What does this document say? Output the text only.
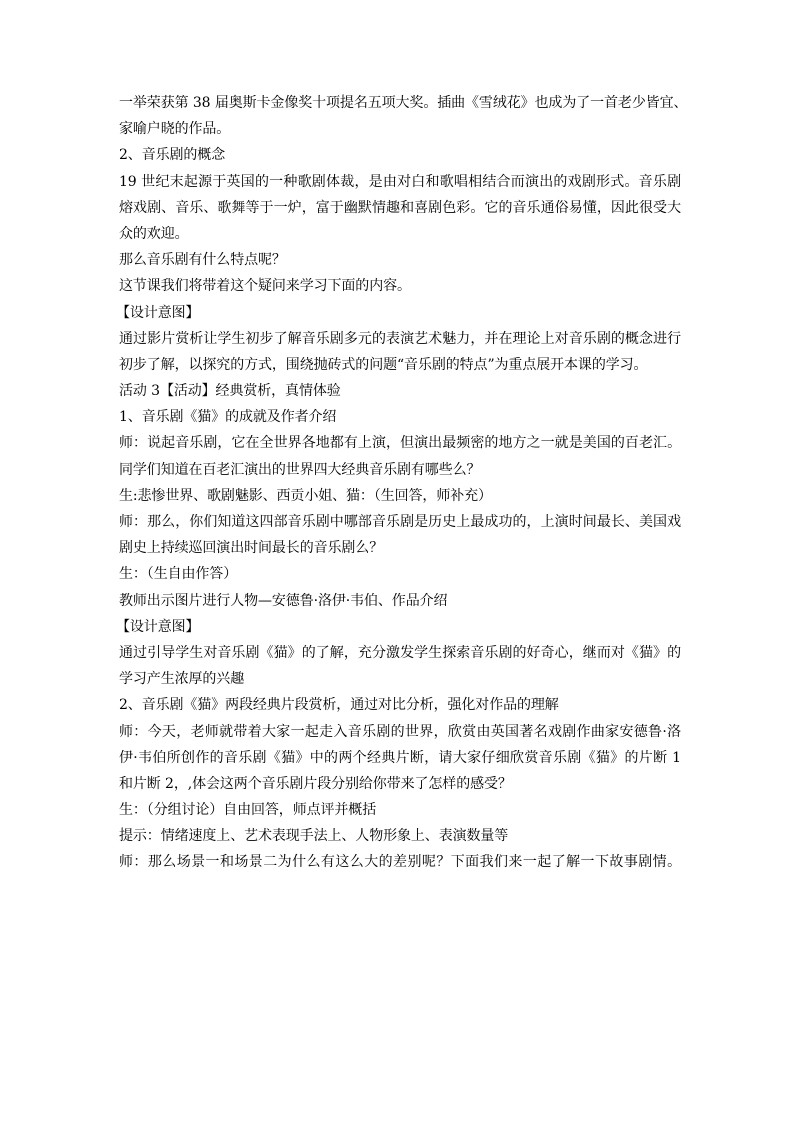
一举荣获第 38 届奥斯卡金像奖十项提名五项大奖。插曲《雪绒花》也成为了一首老少皆宜、
家喻户晓的作品。
2、音乐剧的概念
19 世纪末起源于英国的一种歌剧体裁，是由对白和歌唱相结合而演出的戏剧形式。音乐剧
熔戏剧、音乐、歌舞等于一炉，富于幽默情趣和喜剧色彩。它的音乐通俗易懂，因此很受大
众的欢迎。
那么音乐剧有什么特点呢？
这节课我们将带着这个疑问来学习下面的内容。
【设计意图】
通过影片赏析让学生初步了解音乐剧多元的表演艺术魅力，并在理论上对音乐剧的概念进行
初步了解，以探究的方式，围绕抛砖式的问题“音乐剧的特点”为重点展开本课的学习。
活动 3【活动】经典赏析，真情体验
1、音乐剧《猫》的成就及作者介绍
师：说起音乐剧，它在全世界各地都有上演，但演出最频密的地方之一就是美国的百老汇。
同学们知道在百老汇演出的世界四大经典音乐剧有哪些么？
生:悲惨世界、歌剧魅影、西贡小姐、猫：（生回答，师补充）
师：那么，你们知道这四部音乐剧中哪部音乐剧是历史上最成功的，上演时间最长、美国戏
剧史上持续巡回演出时间最长的音乐剧么？
生：（生自由作答）
教师出示图片进行人物—安德鲁·洛伊·韦伯、作品介绍
【设计意图】
通过引导学生对音乐剧《猫》的了解，充分激发学生探索音乐剧的好奇心，继而对《猫》的
学习产生浓厚的兴趣
2、音乐剧《猫》两段经典片段赏析，通过对比分析，强化对作品的理解
师：今天，老师就带着大家一起走入音乐剧的世界，欣赏由英国著名戏剧作曲家安德鲁·洛
伊·韦伯所创作的音乐剧《猫》中的两个经典片断，请大家仔细欣赏音乐剧《猫》的片断 1
和片断 2，,体会这两个音乐剧片段分别给你带来了怎样的感受？
生：（分组讨论）自由回答，师点评并概括
提示：情绪速度上、艺术表现手法上、人物形象上、表演数量等
师：那么场景一和场景二为什么有这么大的差别呢？下面我们来一起了解一下故事剧情。
